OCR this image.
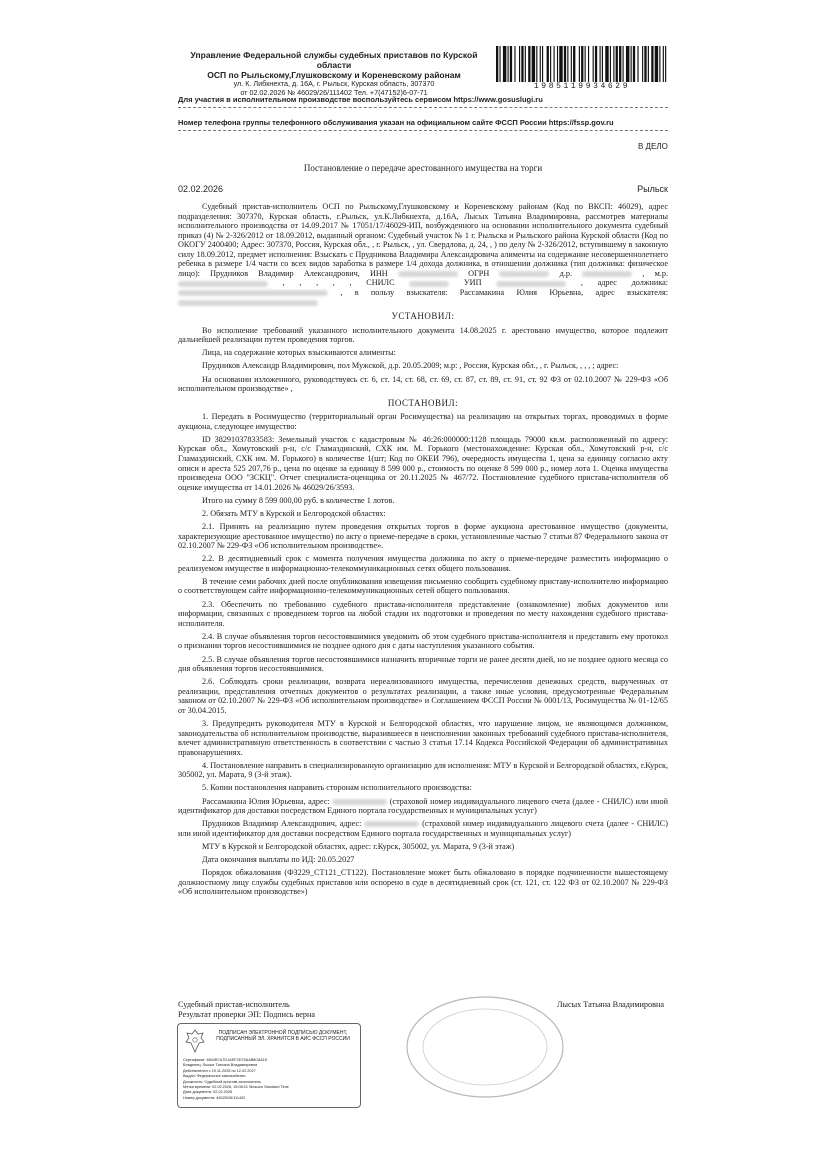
Управление Федеральной службы судебных приставов по Курской области
ОСП по Рыльскому,Глушковскому и Кореневскому районам
ул. К. Либкнехта, д. 16А, г. Рыльск, Курская область, 307370
от 02.02.2026 № 46029/26/111402 Тел. +7(47152)6-07-71
1985119934629
Для участия в исполнительном производстве воспользуйтесь сервисом https://www.gosuslugi.ru
Номер телефона группы телефонного обслуживания указан на официальном сайте ФССП России https://fssp.gov.ru
В ДЕЛО
Постановление о передаче арестованного имущества на торги
02.02.2026	Рыльск

Судебный пристав-исполнитель ОСП по Рыльскому,Глушковскому и Кореневскому районам (Код по ВКСП: 46029), адрес подразделения: 307370, Курская область, г.Рыльск, ул.К.Либкнехта, д.16А, Лысых Татьяна Владимировна, рассмотрев материалы исполнительного производства от 14.09.2017 № 17051/17/46029-ИП, возбужденного на основании исполнительного документа судебный приказ (4) № 2-326/2012 от 18.09.2012, выданный органом: Судебный участок № 1 г. Рыльска и Рыльского района Курской области (Код по ОКОГУ 2400400; Адрес: 307370, Россия, Курская обл., , г. Рыльск, , ул. Свердлова, д. 24, , ) по делу № 2-326/2012, вступившему в законную силу 18.09.2012, предмет исполнения: Взыскать с Прудникова Владимира Александровича алименты на содержание несовершеннолетнего ребенка в размере 1/4 части со всех видов заработка в размере 1/4 дохода должника, в отношении должника (тип должника: физическое лицо): Прудников Владимир Александрович, ИНН	ОГРН	д.р.	, м.р.  , , , , , СНИЛС	УИП	, адрес должника:  , в пользу взыскателя: Рассамакина Юлия Юрьевна, адрес взыскателя:

УСТАНОВИЛ:

Во исполнение требований указанного исполнительного документа 14.08.2025 г. арестовано имущество, которое подлежит дальнейшей реализации путем проведения торгов.

Лица, на содержание которых взыскиваются алименты:

Прудников Александр Владимирович, пол Мужской, д.р. 20.05.2009; м.р: , Россия, Курская обл., , г. Рыльск, , , , ; адрес:

На основании изложенного, руководствуясь ст. 6, ст. 14, ст. 68, ст. 69, ст. 87, ст. 89, ст. 91, ст. 92 ФЗ от 02.10.2007 № 229-ФЗ «Об исполнительном производстве» ,

ПОСТАНОВИЛ:

1. Передать в Росимущество (территориальный орган Росимущества) на реализацию на открытых торгах, проводимых в форме аукциона, следующее имущество:

ID 38291037833583: Земельный участок с кадастровым № 46:26:000000:1128 площадь 79000 кв.м. расположенный по адресу: Курская обл., Хомутовский р-н, с/с Гламаздинский, СХК им. М. Горького (местонахождение: Курская обл., Хомутовский р-н, с/с Гламаздинский, СХК им. М. Горького) в количестве 1(шт; Код по ОКЕИ 796), очередность имущества 1, цена за единицу согласно акту описи и ареста 525 207,76 р., цена по оценке за единицу 8 599 000 р., стоимость по оценке 8 599 000 р., номер лота 1. Оценка имущества произведена ООО "ЗСКЦ". Отчет специалиста-оценщика от 20.11.2025 № 467/72. Постановление судебного пристава-исполнителя об оценке имущества от 14.01.2026 № 46029/26/3593.

Итого на сумму 8 599 000,00 руб. в количестве 1 лотов.

2. Обязать МТУ в Курской и Белгородской областях:

2.1. Принять на реализацию путем проведения открытых торгов в форме аукциона арестованное имущество (документы, характеризующие арестованное имущество) по акту о приеме-передаче в сроки, установленные частью 7 статьи 87 Федерального закона от 02.10.2007 № 229-ФЗ «Об исполнительном производстве».

2.2. В десятидневный срок с момента получения имущества должника по акту о приеме-передаче разместить информацию о реализуемом имуществе в информационно-телекоммуникационных сетях общего пользования.

В течение семи рабочих дней после опубликования извещения письменно сообщить судебному приставу-исполнителю информацию о соответствующем сайте информационно-телекоммуникационных сетей общего пользования.

2.3. Обеспечить по требованию судебного пристава-исполнителя представление (ознакомление) любых документов или информации, связанных с проведением торгов на любой стадии их подготовки и проведения по месту нахождения судебного пристава-исполнителя.

2.4. В случае объявления торгов несостоявшимися уведомить об этом судебного пристава-исполнителя и представить ему протокол о признании торгов несостоявшимися не позднее одного дня с даты наступления указанного события.

2.5. В случае объявления торгов несостоявшимися назначить вторичные торги не ранее десяти дней, но не позднее одного месяца со дня объявления торгов несостоявшимися.

2.6. Соблюдать сроки реализации, возврата нереализованного имущества, перечисления денежных средств, вырученных от реализации, представления отчетных документов о результатах реализации, а также иные условия, предусмотренные Федеральным законом от 02.10.2007 № 229-ФЗ «Об исполнительном производстве» и Соглашением ФССП России № 0001/13, Росимущества № 01-12/65 от 30.04.2015.

3. Предупредить руководителя МТУ в Курской и Белгородской областях, что нарушение лицом, не являющимся должником, законодательства об исполнительном производстве, выразившееся в неисполнении законных требований судебного пристава-исполнителя, влечет административную ответственность в соответствии с частью 3 статьи 17.14 Кодекса Российской Федерации об административных правонарушениях.

4. Постановление направить в специализированную организацию для исполнения: МТУ в Курской и Белгородской областях, г.Курск, 305002, ул. Марата, 9 (3-й этаж).

5. Копии постановления направить сторонам исполнительного производства:

Рассамакина Юлия Юрьевна, адрес:	(страховой номер индивидуального лицевого счета (далее - СНИЛС) или иной идентификатор для доставки посредством Единого портала государственных и муниципальных услуг)

Прудников Владимир Александрович, адрес:	(страховой номер индивидуального лицевого счета (далее - СНИЛС) или иной идентификатор для доставки посредством Единого портала государственных и муниципальных услуг)

МТУ в Курской и Белгородской областях, адрес: г.Курск, 305002, ул. Марата, 9 (3-й этаж)

Дата окончания выплаты по ИД: 20.05.2027

Порядок обжалования (ФЗ229_СТ121_СТ122). Постановление может быть обжаловано в порядке подчиненности вышестоящему должностному лицу службы судебных приставов или оспорено в суде в десятидневный срок (ст. 121, ст. 122 ФЗ от 02.10.2007 № 229-ФЗ «Об исполнительном производстве»)

Судебный пристав-исполнитель	Лысых Татьяна Владимировна
Результат проверки ЭП: Подпись верна
ПОДПИСАН ЭЛЕКТРОННОЙ ПОДПИСЬЮ ДОКУМЕНТ,
ПОДПИСАННЫЙ ЭЛ. ХРАНИТСЯ В АИС ФССП РОССИИ
Сертификат: 6602B7A7D1AEF2D79AAB8C8A15
Владелец: Лысых Татьяна Владимировна
Действителен с 19.11.2025 по 12.02.2027
Выдан: Федеральное казначейство
Должность: Судебный пристав-исполнитель
Метка времени: 02.02.2026, 15:08:21 Moscow Standard Time
Дата документа: 02.02.2026
Номер документа: 46029/26/111402
